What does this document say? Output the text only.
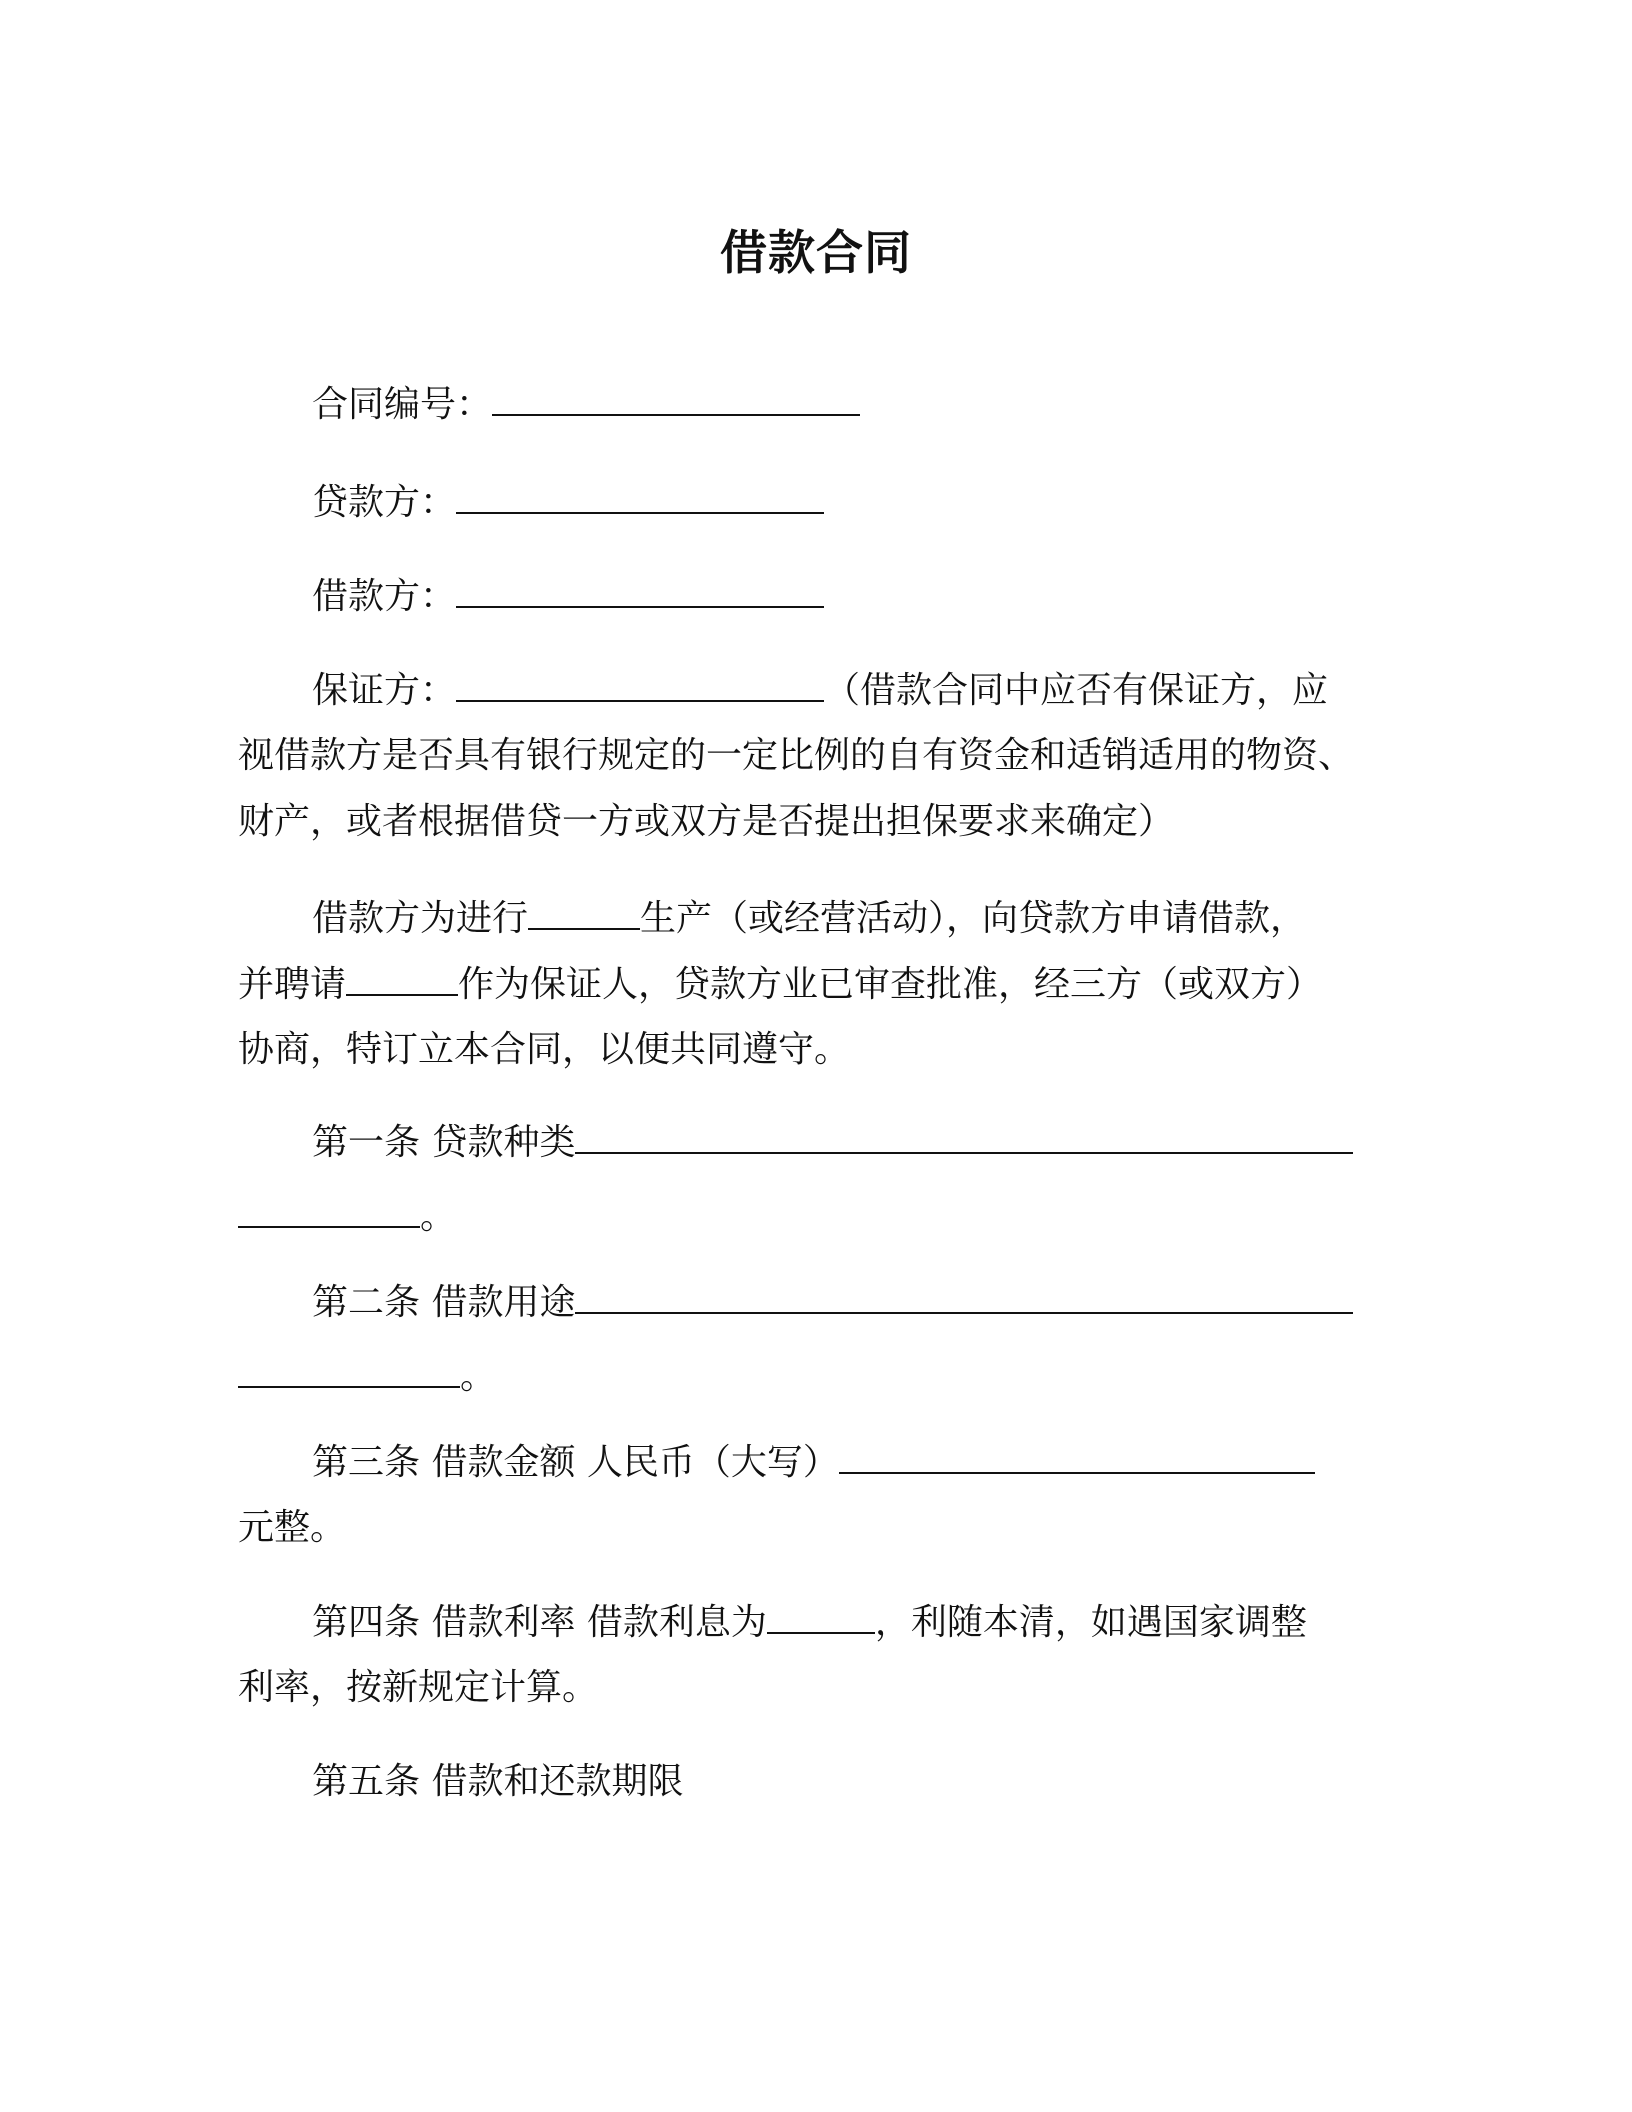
借款合同
合同编号：
贷款方：
借款方：
保证方：	（借款合同中应否有保证方，应
视借款方是否具有银行规定的一定比例的自有资金和适销适用的物资、
财产，或者根据借贷一方或双方是否提出担保要求来确定）
借款方为进行	生产（或经营活动），向贷款方申请借款，
并聘请	作为保证人，贷款方业已审查批准，经三方（或双方）
协商，特订立本合同，以便共同遵守。
第一条 贷款种类
。
第二条 借款用途
。
第三条 借款金额 人民币（大写）
元整。
第四条 借款利率 借款利息为	，利随本清，如遇国家调整
利率，按新规定计算。
第五条 借款和还款期限
